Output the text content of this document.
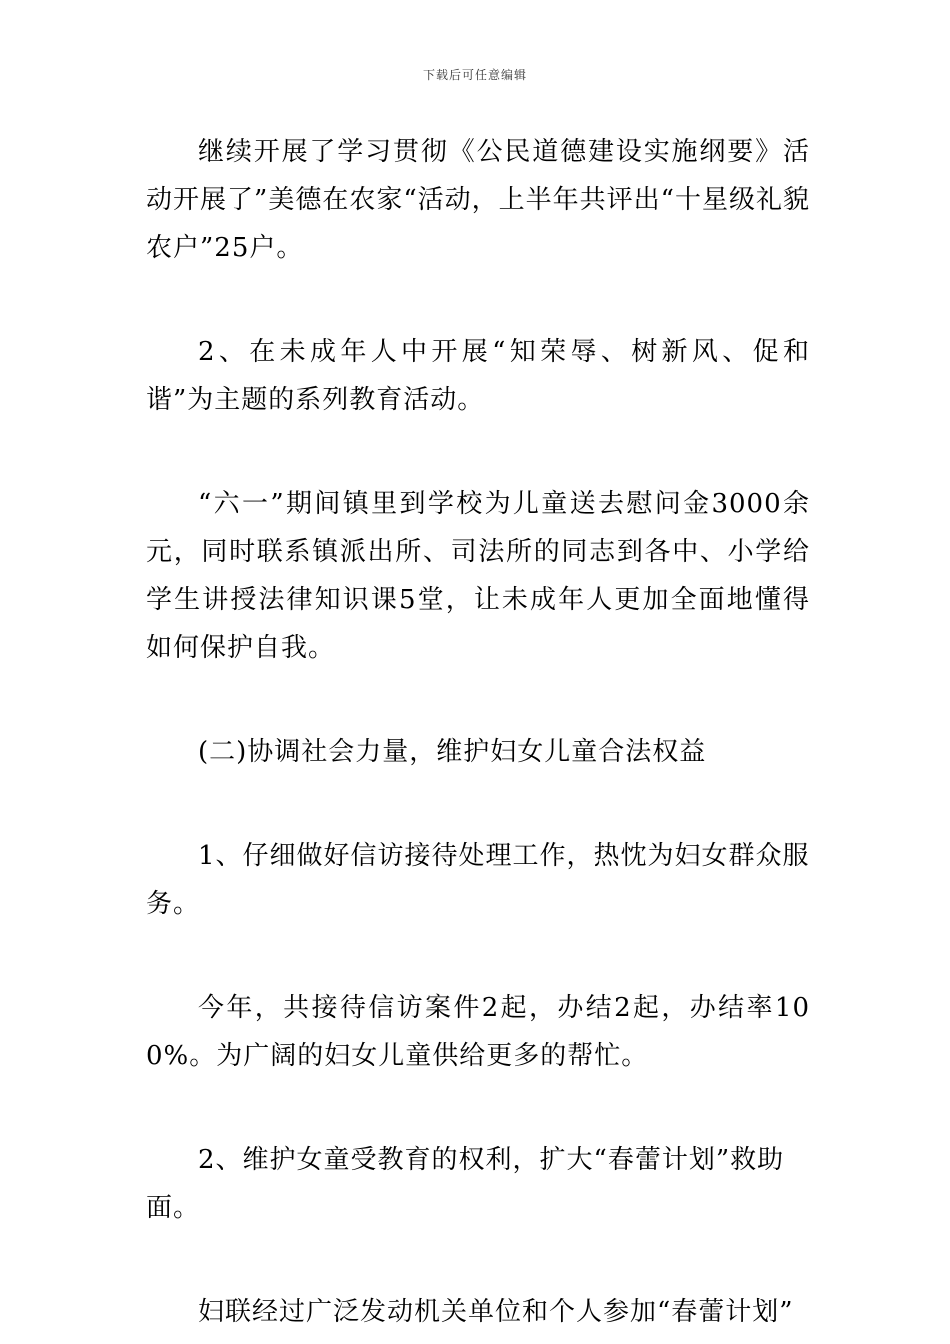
下载后可任意编辑

继续开展了学习贯彻《公民道德建设实施纲要》活动开展了”美德在农家“活动，上半年共评出“十星级礼貌农户”25户。

2、在未成年人中开展“知荣辱、树新风、促和谐”为主题的系列教育活动。

“六一”期间镇里到学校为儿童送去慰问金3000余元，同时联系镇派出所、司法所的同志到各中、小学给学生讲授法律知识课5堂，让未成年人更加全面地懂得如何保护自我。

(二)协调社会力量，维护妇女儿童合法权益

1、仔细做好信访接待处理工作，热忱为妇女群众服务。

今年，共接待信访案件2起，办结2起，办结率100%。为广阔的妇女儿童供给更多的帮忙。

2、维护女童受教育的权利，扩大“春蕾计划”救助面。

妇联经过广泛发动机关单位和个人参加“春蕾计划”
